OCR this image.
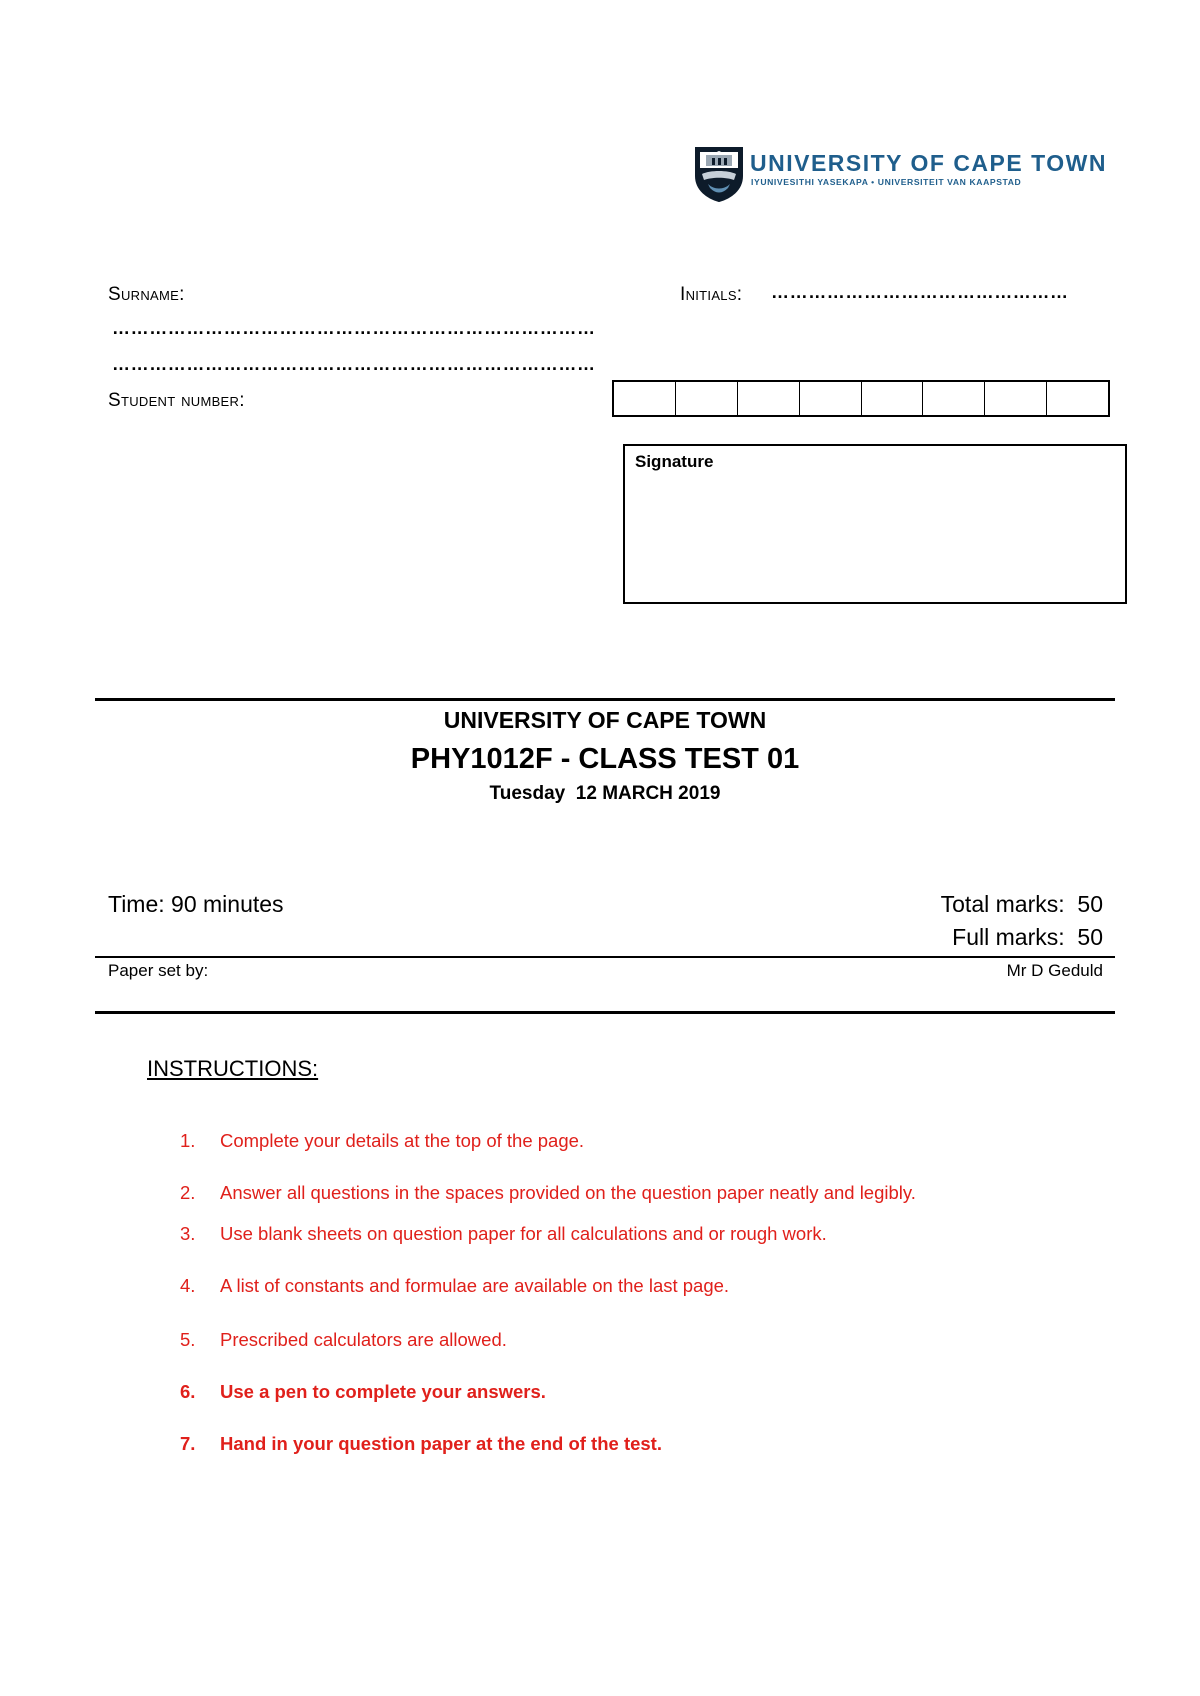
UNIVERSITY OF CAPE TOWN
IYUNIVESITHI YASEKAPA • UNIVERSITEIT VAN KAAPSTAD
Surname:
……………………………………………………………………
……………………………………………………………………
Initials: …………………………………………
Student number:
Signature
UNIVERSITY OF CAPE TOWN
PHY1012F - CLASS TEST 01
Tuesday  12 MARCH 2019
Time: 90 minutes	Total marks: 50
Full marks: 50
Paper set by:	Mr D Geduld
INSTRUCTIONS:
1. Complete your details at the top of the page.
2. Answer all questions in the spaces provided on the question paper neatly and legibly.
3. Use blank sheets on question paper for all calculations and or rough work.
4. A list of constants and formulae are available on the last page.
5. Prescribed calculators are allowed.
6. Use a pen to complete your answers.
7. Hand in your question paper at the end of the test.
